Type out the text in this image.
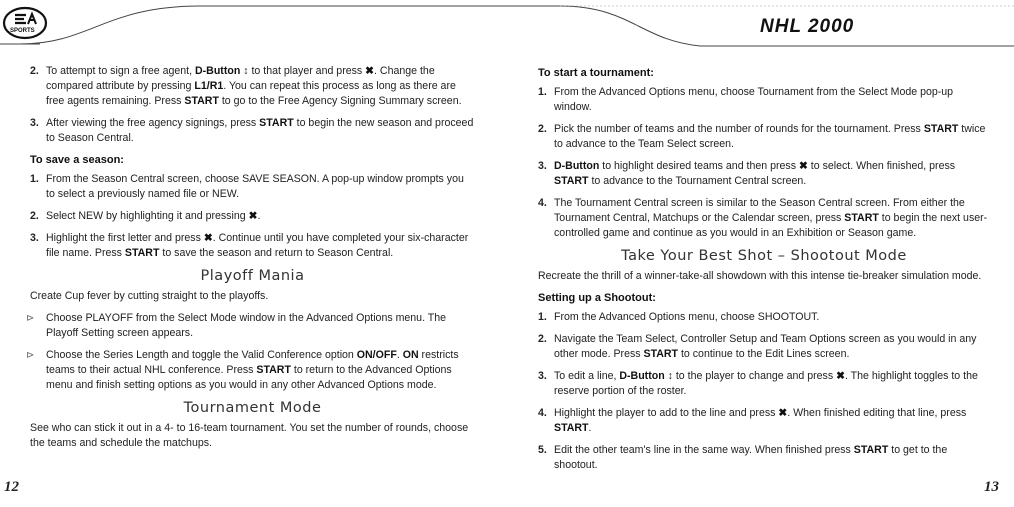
SPORTS	NHL 2000
2. To attempt to sign a free agent, D-Button ↕ to that player and press ✖. Change the compared attribute by pressing L1/R1. You can repeat this process as long as there are free agents remaining. Press START to go to the Free Agency Signing Summary screen.
3. After viewing the free agency signings, press START to begin the new season and proceed to Season Central.
To save a season:
1. From the Season Central screen, choose SAVE SEASON. A pop-up window prompts you to select a previously named file or NEW.
2. Select NEW by highlighting it and pressing ✖.
3. Highlight the first letter and press ✖. Continue until you have completed your six-character file name. Press START to save the season and return to Season Central.
Playoff Mania
Create Cup fever by cutting straight to the playoffs.
⊳ Choose PLAYOFF from the Select Mode window in the Advanced Options menu. The Playoff Setting screen appears.
⊳ Choose the Series Length and toggle the Valid Conference option ON/OFF. ON restricts teams to their actual NHL conference. Press START to return to the Advanced Options menu and finish setting options as you would in any other Advanced Options mode.
Tournament Mode
See who can stick it out in a 4- to 16-team tournament. You set the number of rounds, choose the teams and schedule the matchups.
To start a tournament:
1. From the Advanced Options menu, choose Tournament from the Select Mode pop-up window.
2. Pick the number of teams and the number of rounds for the tournament. Press START twice to advance to the Team Select screen.
3. D-Button to highlight desired teams and then press ✖ to select. When finished, press START to advance to the Tournament Central screen.
4. The Tournament Central screen is similar to the Season Central screen. From either the Tournament Central, Matchups or the Calendar screen, press START to begin the next user-controlled game and continue as you would in an Exhibition or Season game.
Take Your Best Shot – Shootout Mode
Recreate the thrill of a winner-take-all showdown with this intense tie-breaker simulation mode.
Setting up a Shootout:
1. From the Advanced Options menu, choose SHOOTOUT.
2. Navigate the Team Select, Controller Setup and Team Options screen as you would in any other mode. Press START to continue to the Edit Lines screen.
3. To edit a line, D-Button ↕ to the player to change and press ✖. The highlight toggles to the reserve portion of the roster.
4. Highlight the player to add to the line and press ✖. When finished editing that line, press START.
5. Edit the other team's line in the same way. When finished press START to get to the shootout.
12	13
